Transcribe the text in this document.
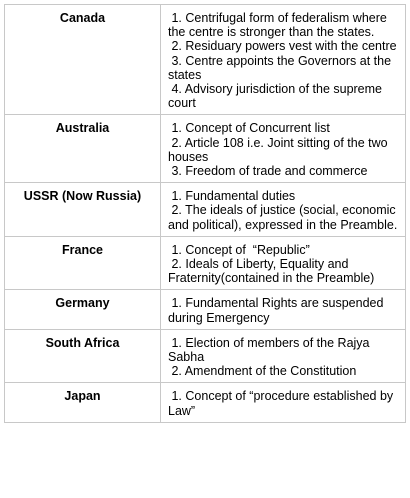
Canada	1. Centrifugal form of federalism where the centre is stronger than the states.
2. Residuary powers vest with the centre
3. Centre appoints the Governors at the states
4. Advisory jurisdiction of the supreme court

Australia	1. Concept of Concurrent list
2. Article 108 i.e. Joint sitting of the two houses
3. Freedom of trade and commerce

USSR (Now Russia)	1. Fundamental duties
2. The ideals of justice (social, economic and political), expressed in the Preamble.

France	1. Concept of  “Republic”
2. Ideals of Liberty, Equality and Fraternity(contained in the Preamble)

Germany	1. Fundamental Rights are suspended during Emergency

South Africa	1. Election of members of the Rajya Sabha
2. Amendment of the Constitution

Japan	1. Concept of “procedure established by Law”
